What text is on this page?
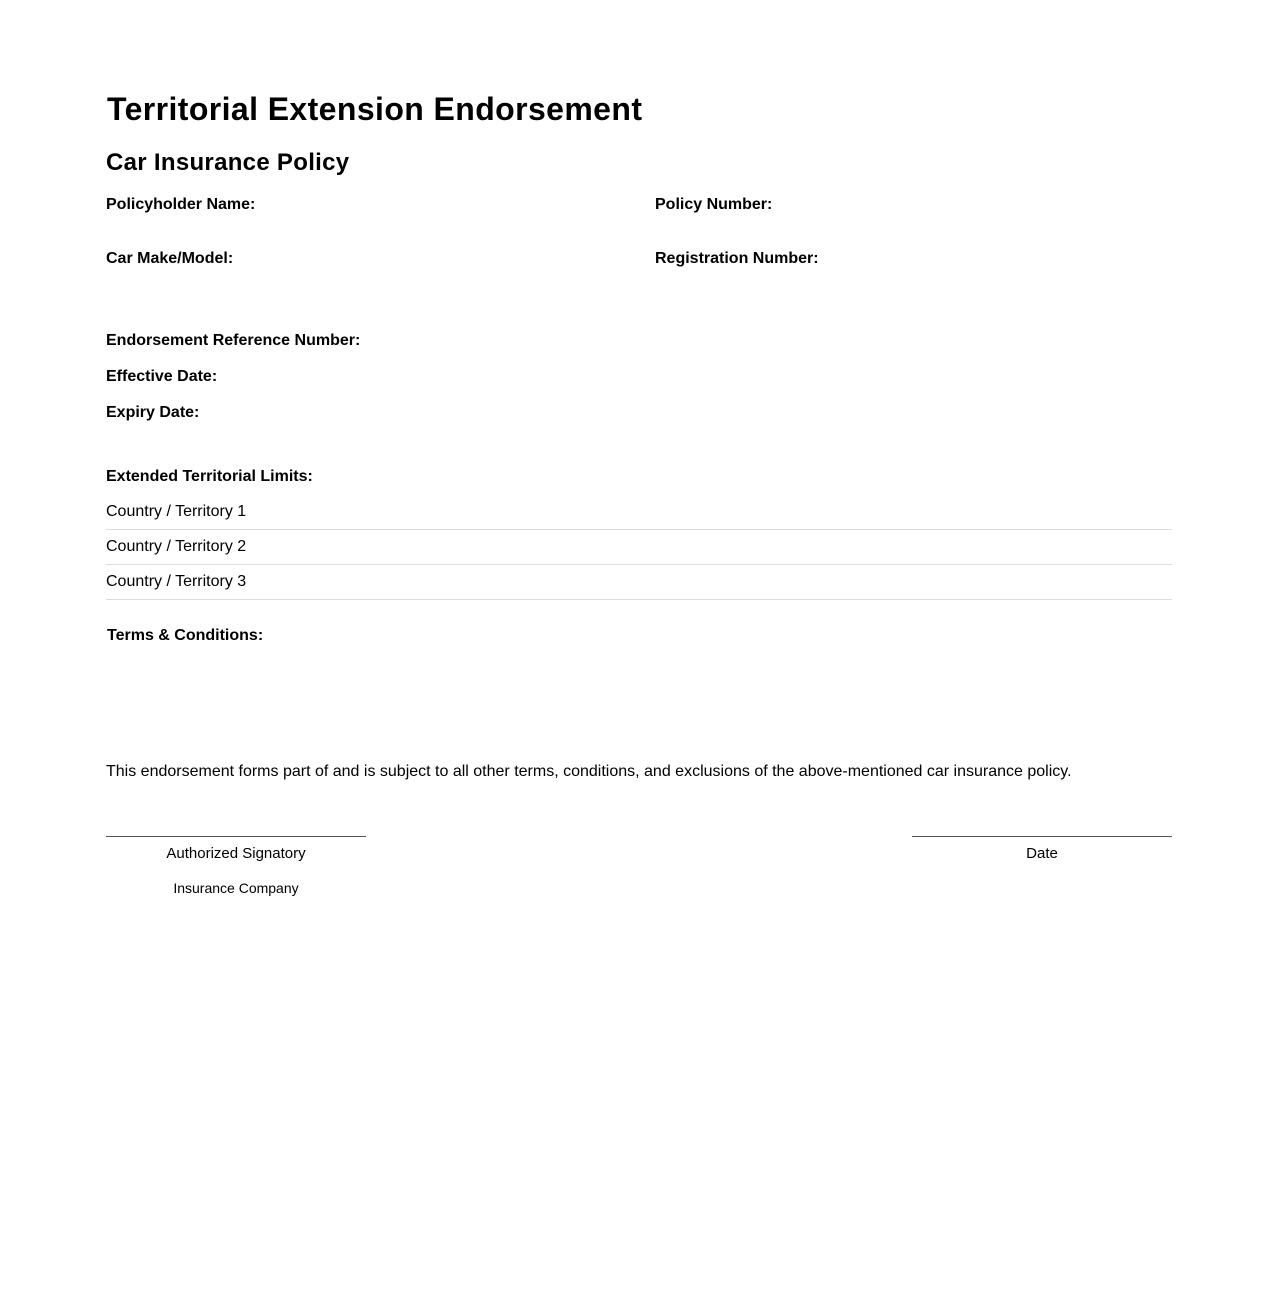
Territorial Extension Endorsement
Car Insurance Policy
Policyholder Name:	Policy Number:
Car Make/Model:	Registration Number:
Endorsement Reference Number:
Effective Date:
Expiry Date:
Extended Territorial Limits:
Country / Territory 1
Country / Territory 2
Country / Territory 3
Terms & Conditions:
This endorsement forms part of and is subject to all other terms, conditions, and exclusions of the above-mentioned car insurance policy.
Authorized Signatory
Insurance Company
Date
